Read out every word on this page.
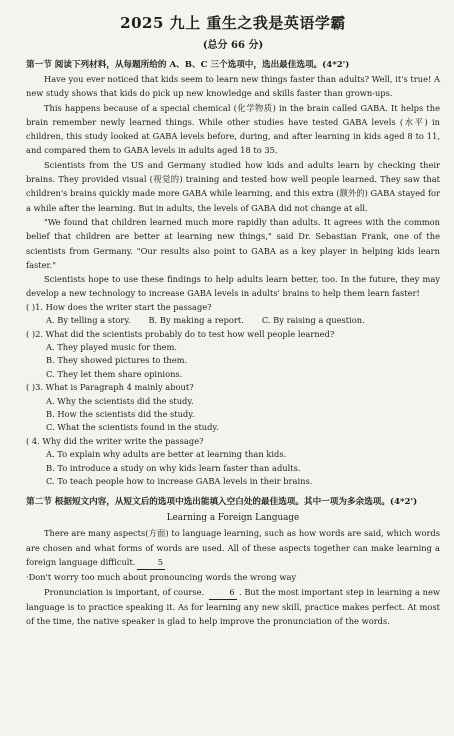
2025 九上 重生之我是英语学霸
(总分 66 分)
第一节 阅读下列材料，从每题所给的 A、B、C 三个选项中，选出最佳选项。(4*2')

Have you ever noticed that kids seem to learn new things faster than adults? Well, it's true! A new study shows that kids do pick up new knowledge and skills faster than grown-ups.

This happens because of a special chemical (化学物质) in the brain called GABA. It helps the brain remember newly learned things. While other studies have tested GABA levels (水平) in children, this study looked at GABA levels before, during, and after learning in kids aged 8 to 11, and compared them to GABA levels in adults aged 18 to 35.

Scientists from the US and Germany studied how kids and adults learn by checking their brains. They provided visual (视觉的) training and tested how well people learned. They saw that children's brains quickly made more GABA while learning, and this extra (额外的) GABA stayed for a while after the learning. But in adults, the levels of GABA did not change at all.

"We found that children learned much more rapidly than adults. It agrees with the common belief that children are better at learning new things," said Dr. Sebastian Frank, one of the scientists from Germany. "Our results also point to GABA as a key player in helping kids learn faster."

Scientists hope to use these findings to help adults learn better, too. In the future, they may develop a new technology to increase GABA levels in adults' brains to help them learn faster!

( )1. How does the writer start the passage?
A. By telling a story. B. By making a report. C. By raising a question.
( )2. What did the scientists probably do to test how well people learned?
A. They played music for them.
B. They showed pictures to them.
C. They let them share opinions.
( )3. What is Paragraph 4 mainly about?
A. Why the scientists did the study.
B. How the scientists did the study.
C. What the scientists found in the study.
( 4. Why did the writer write the passage?
A. To explain why adults are better at learning than kids.
B. To introduce a study on why kids learn faster than adults.
C. To teach people how to increase GABA levels in their brains.
第二节 根据短文内容，从短文后的选项中选出能填入空白处的最佳选项。其中一项为多余选项。(4*2')
Learning a Foreign Language

There are many aspects(方面) to language learning, such as how words are said, which words are chosen and what forms of words are used. All of these aspects together can make learning a foreign language difficult.	5

·Don't worry too much about pronouncing words the wrong way

Pronunciation is important, of course.	6 . But the most important step in learning a new language is to practice speaking it. As for learning any new skill, practice makes perfect. At most of the time, the native speaker is glad to help improve the pronunciation of the words.
